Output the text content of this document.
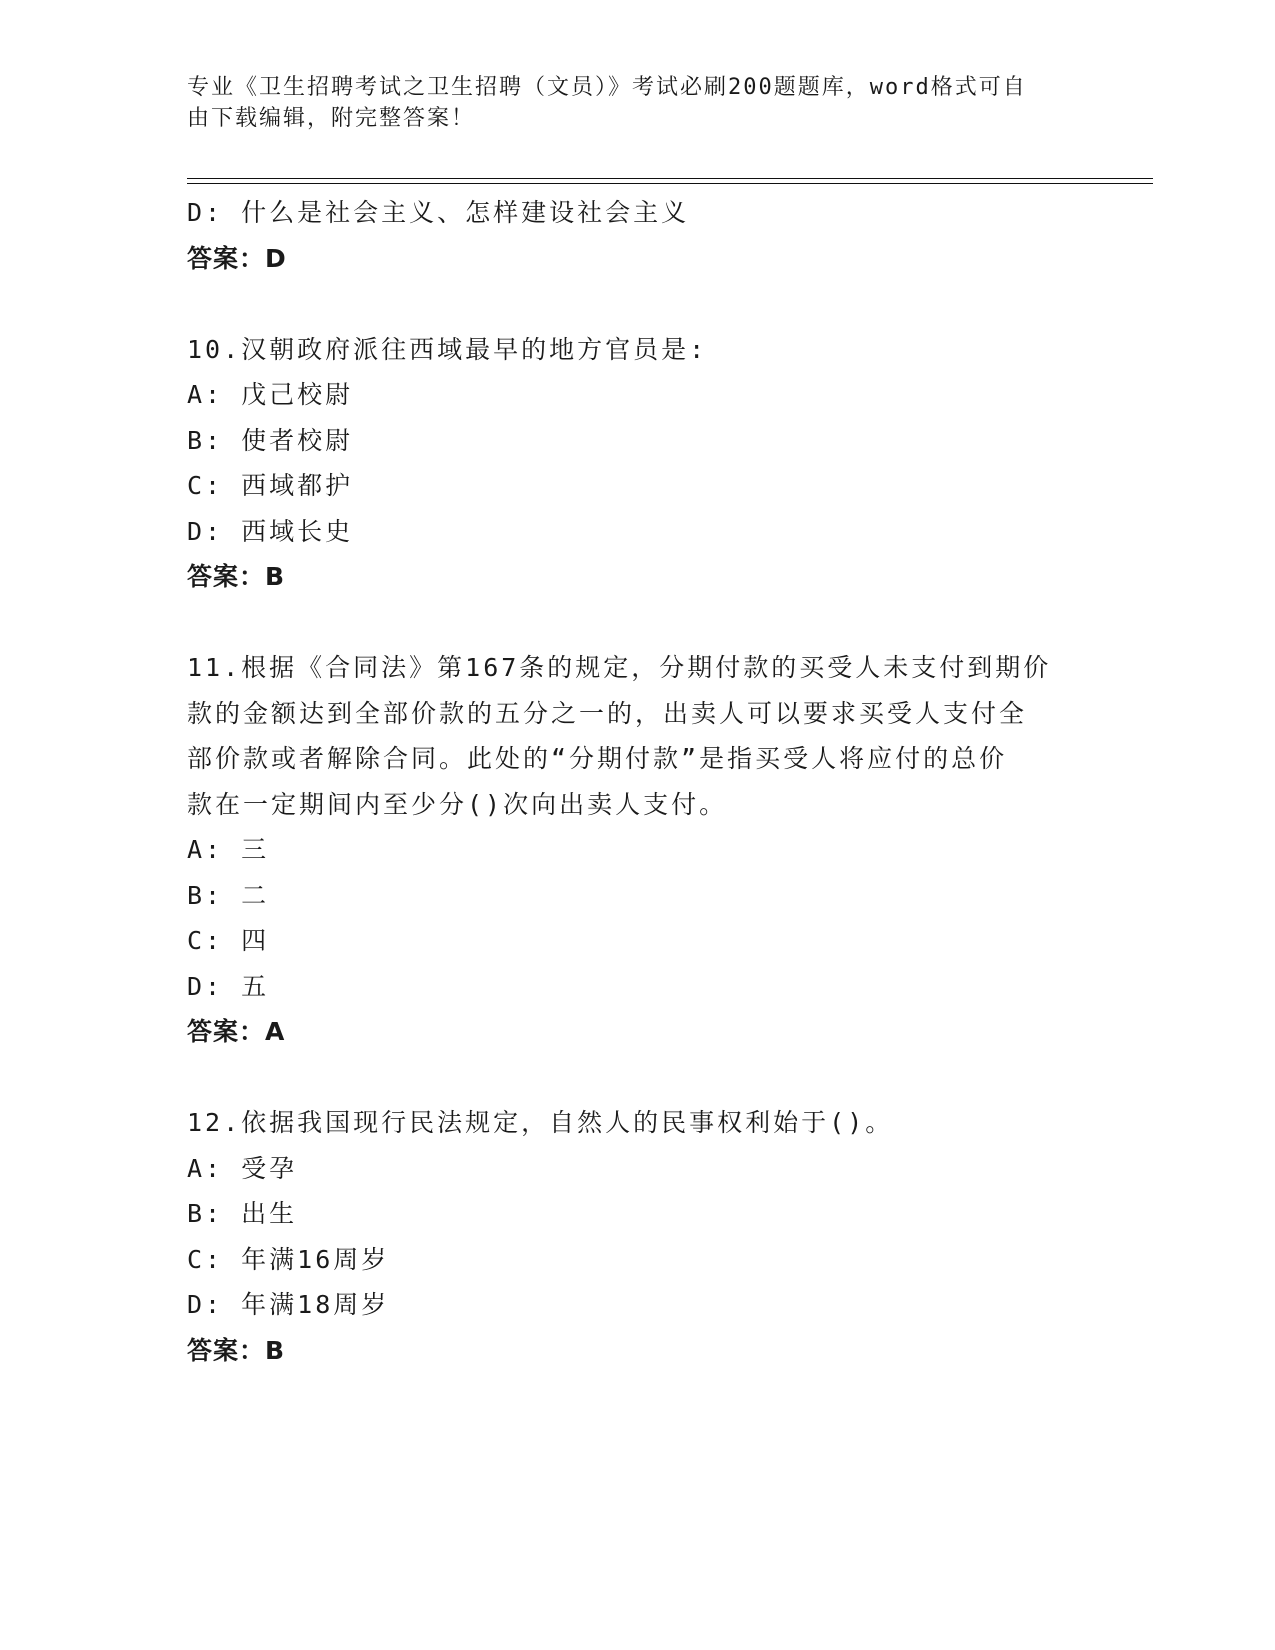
专业《卫生招聘考试之卫生招聘（文员）》考试必刷200题题库，word格式可自
由下载编辑，附完整答案！
D: 什么是社会主义、怎样建设社会主义
答案：D
10.汉朝政府派往西域最早的地方官员是:
A: 戊己校尉
B: 使者校尉
C: 西域都护
D: 西域长史
答案：B
11.根据《合同法》第167条的规定，分期付款的买受人未支付到期价
款的金额达到全部价款的五分之一的，出卖人可以要求买受人支付全
部价款或者解除合同。此处的“分期付款”是指买受人将应付的总价
款在一定期间内至少分()次向出卖人支付。
A: 三
B: 二
C: 四
D: 五
答案：A
12.依据我国现行民法规定，自然人的民事权利始于()。
A: 受孕
B: 出生
C: 年满16周岁
D: 年满18周岁
答案：B
